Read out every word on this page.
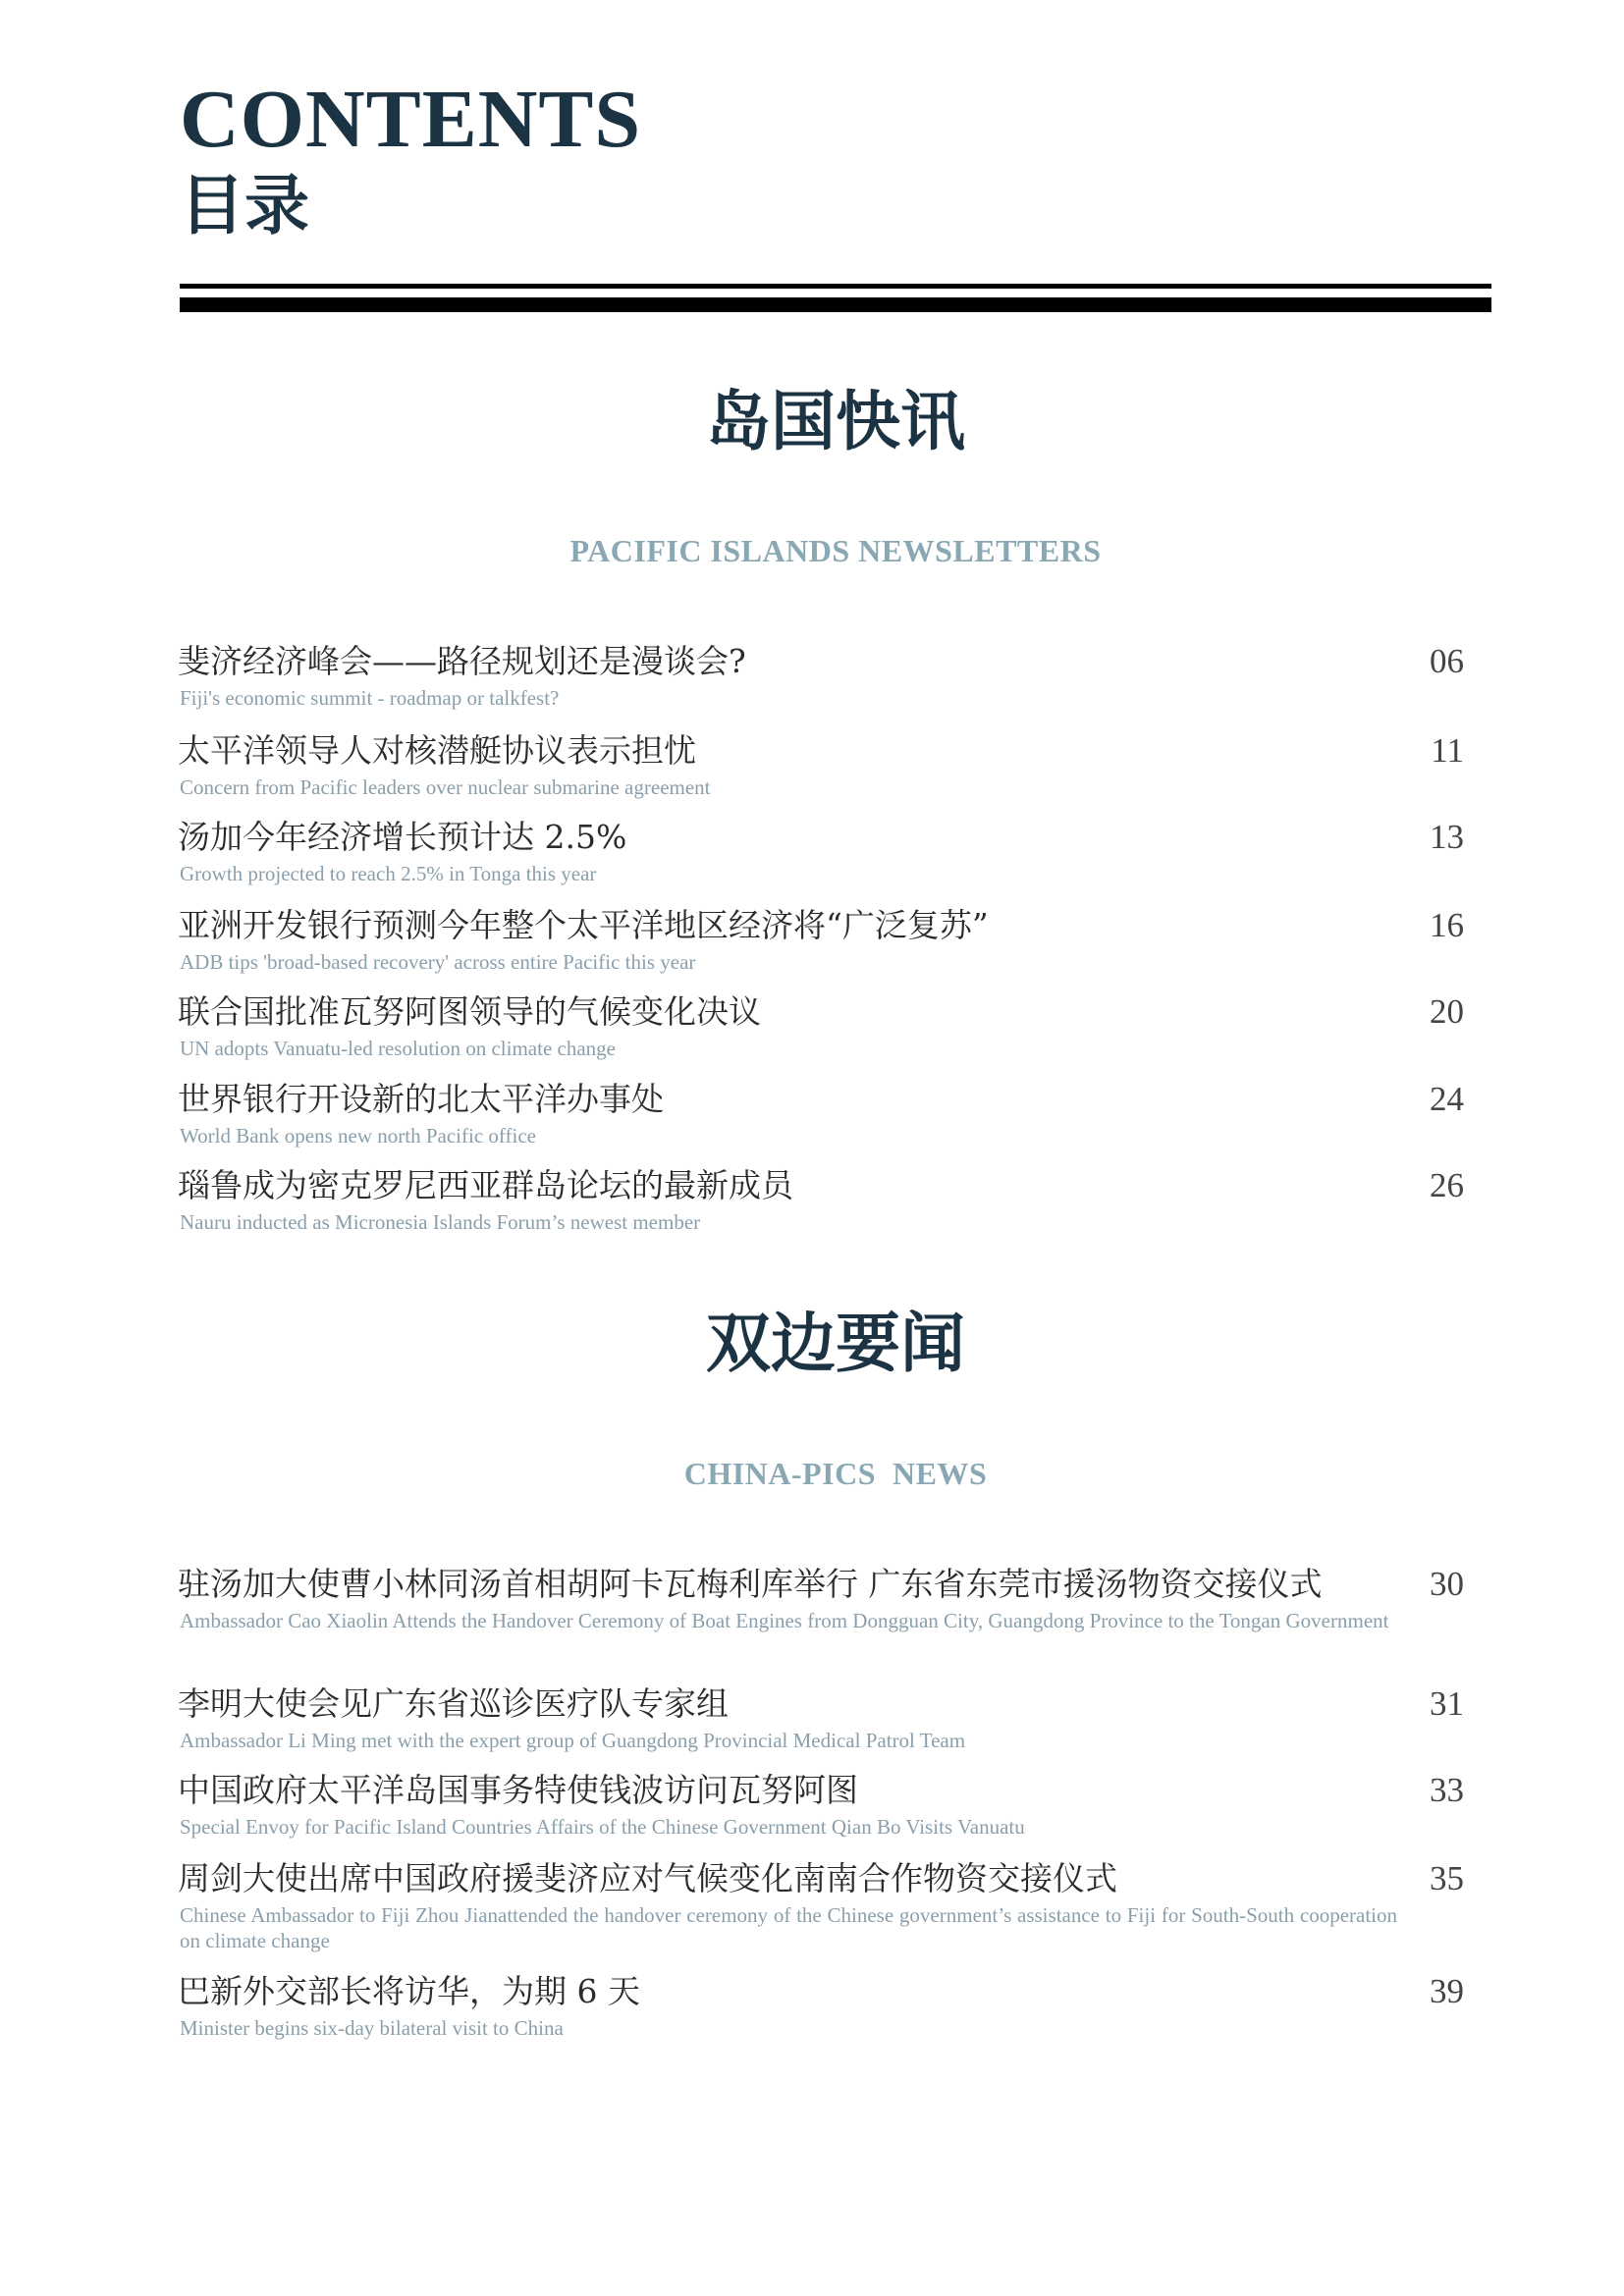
CONTENTS
目录
岛国快讯
PACIFIC ISLANDS NEWSLETTERS
斐济经济峰会——路径规划还是漫谈会?
Fiji's economic summit - roadmap or talkfest?
06
太平洋领导人对核潜艇协议表示担忧
Concern from Pacific leaders over nuclear submarine agreement
11
汤加今年经济增长预计达 2.5%
Growth projected to reach 2.5% in Tonga this year
13
亚洲开发银行预测今年整个太平洋地区经济将“广泛复苏”
ADB tips 'broad-based recovery' across entire Pacific this year
16
联合国批准瓦努阿图领导的气候变化决议
UN adopts Vanuatu-led resolution on climate change
20
世界银行开设新的北太平洋办事处
World Bank opens new north Pacific office
24
瑙鲁成为密克罗尼西亚群岛论坛的最新成员
Nauru inducted as Micronesia Islands Forum’s newest member
26
双边要闻
CHINA-PICS  NEWS
驻汤加大使曹小林同汤首相胡阿卡瓦梅利库举行 广东省东莞市援汤物资交接仪式
Ambassador Cao Xiaolin Attends the Handover Ceremony of Boat Engines from Dongguan City, Guangdong Province to the Tongan Government
30
李明大使会见广东省巡诊医疗队专家组
Ambassador Li Ming met with the expert group of Guangdong Provincial Medical Patrol Team
31
中国政府太平洋岛国事务特使钱波访问瓦努阿图
Special Envoy for Pacific Island Countries Affairs of the Chinese Government Qian Bo Visits Vanuatu
33
周剑大使出席中国政府援斐济应对气候变化南南合作物资交接仪式
Chinese Ambassador to Fiji Zhou Jianattended the handover ceremony of the Chinese government’s assistance to Fiji for South-South cooperation on climate change
35
巴新外交部长将访华，为期 6 天
Minister begins six-day bilateral visit to China
39
